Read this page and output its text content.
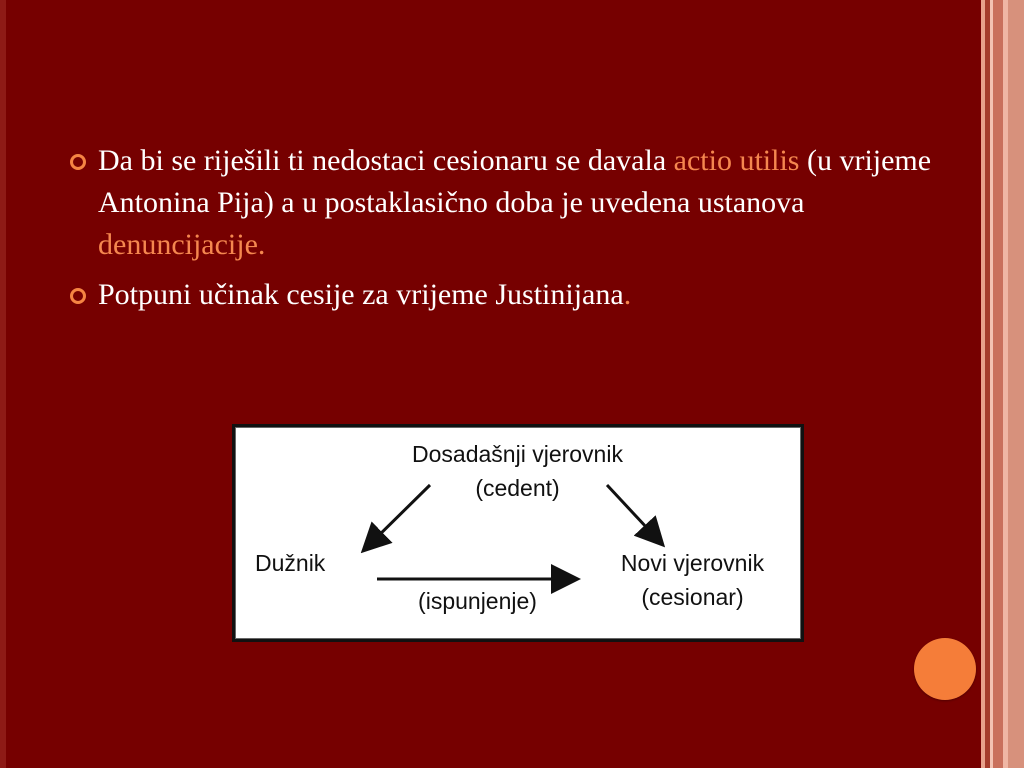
Da bi se riješili ti nedostaci cesionaru se davala actio utilis (u vrijeme Antonina Pija) a u postaklasično doba je uvedena ustanova denuncijacije.
Potpuni učinak cesije za vrijeme Justinijana.
Dosadašnji vjerovnik
(cedent)
Dužnik	Novi vjerovnik
(cesionar)
(ispunjenje)
